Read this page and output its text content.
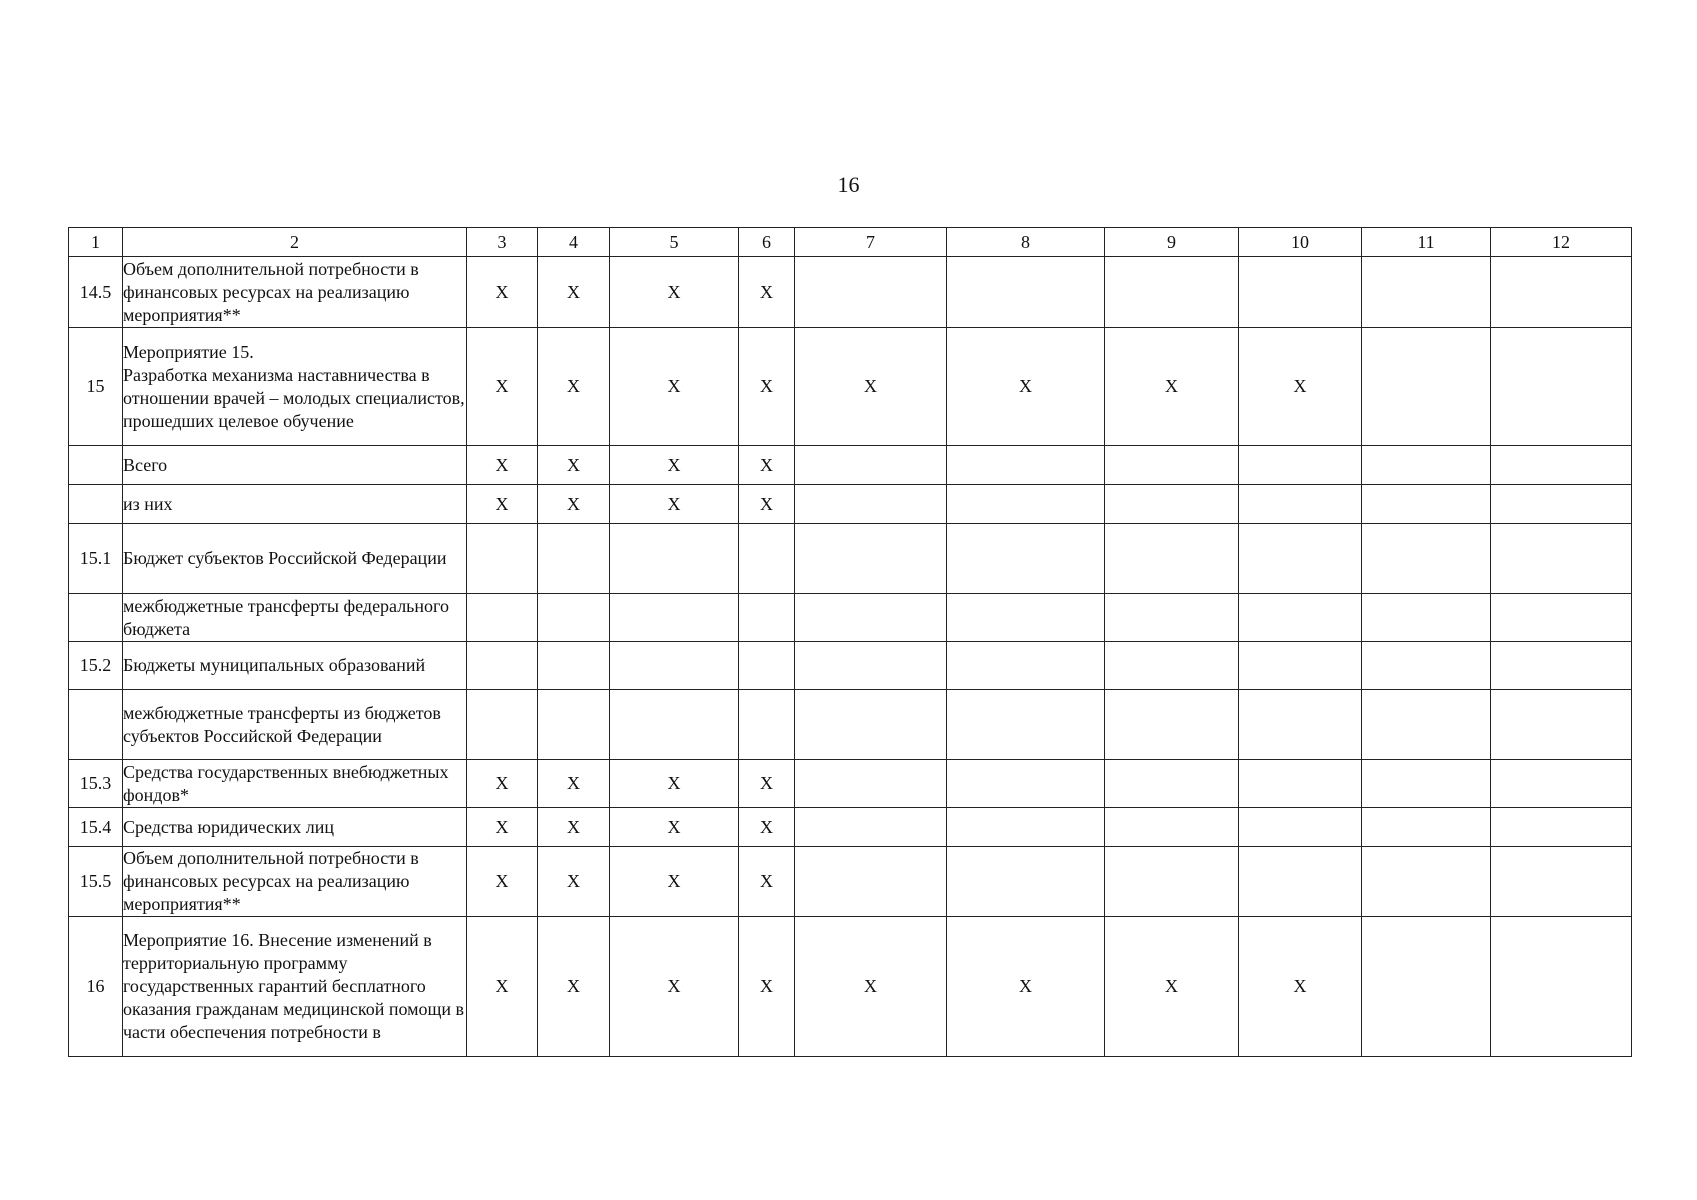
16
1	2	3	4	5	6	7	8	9	10	11	12
14.5	Объем дополнительной потребности в финансовых ресурсах на реализацию мероприятия**	X	X	X	X						
15	Мероприятие 15.
Разработка механизма наставничества в отношении врачей – молодых специалистов, прошедших целевое обучение	X	X	X	X	X	X	X	X		
	Всего	X	X	X	X						
	из них	X	X	X	X						
15.1	Бюджет субъектов Российской Федерации										
	межбюджетные трансферты федерального бюджета										
15.2	Бюджеты муниципальных образований										
	межбюджетные трансферты из бюджетов субъектов Российской Федерации										
15.3	Средства государственных внебюджетных фондов*	X	X	X	X						
15.4	Средства юридических лиц	X	X	X	X						
15.5	Объем дополнительной потребности в финансовых ресурсах на реализацию мероприятия**	X	X	X	X						
16	Мероприятие 16. Внесение изменений в территориальную программу государственных гарантий бесплатного оказания гражданам медицинской помощи в части обеспечения потребности в	X	X	X	X	X	X	X	X		
